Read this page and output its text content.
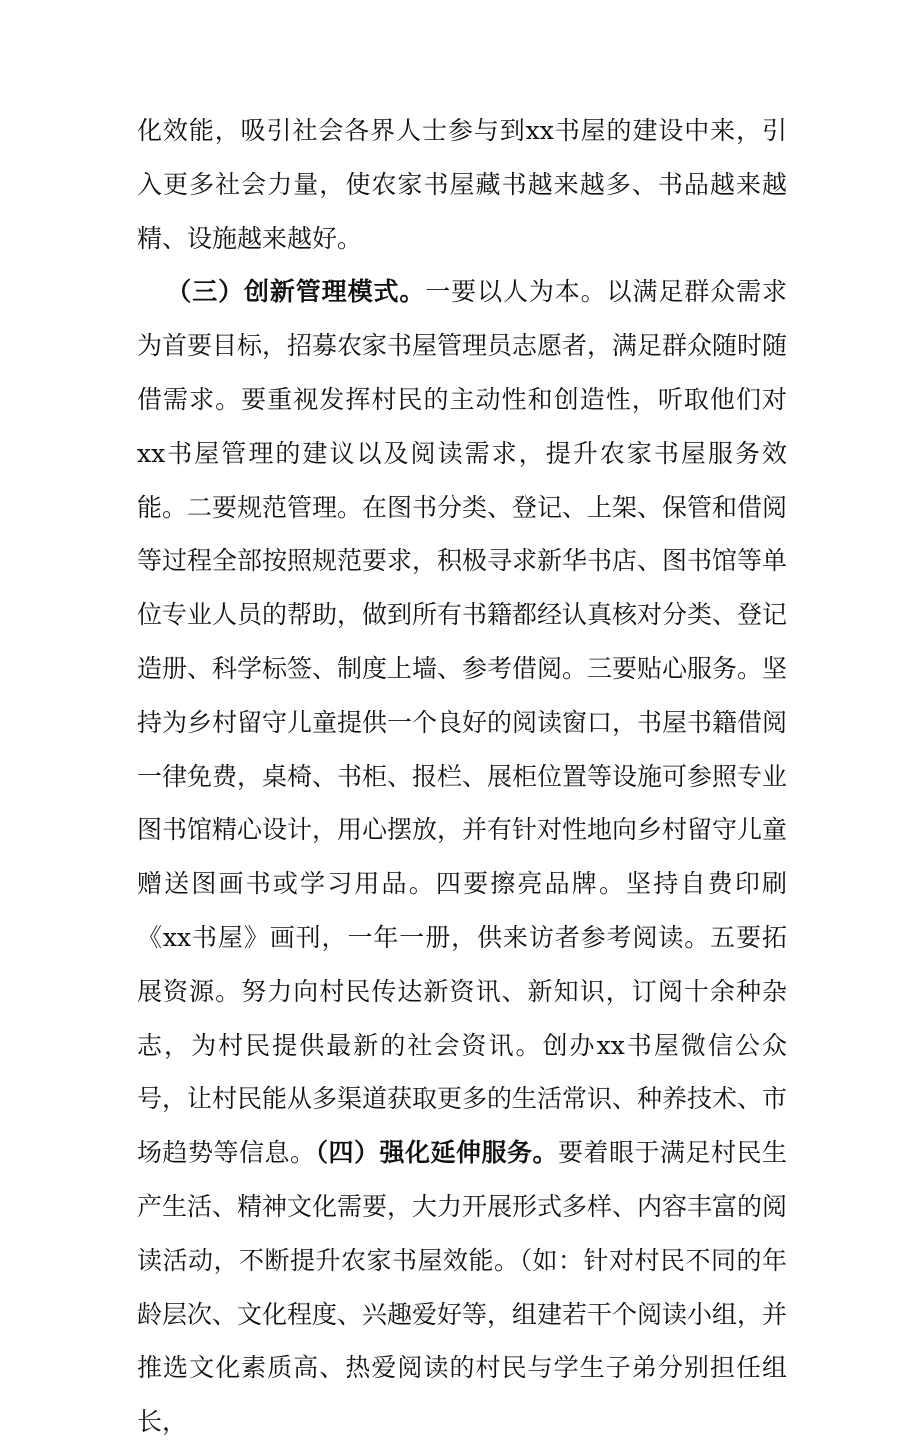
化效能，吸引社会各界人士参与到xx书屋的建设中来，引入更多社会力量，使农家书屋藏书越来越多、书品越来越精、设施越来越好。

　 （三）创新管理模式。一要以人为本。以满足群众需求为首要目标，招募农家书屋管理员志愿者，满足群众随时随借需求。要重视发挥村民的主动性和创造性，听取他们对xx书屋管理的建议以及阅读需求，提升农家书屋服务效能。二要规范管理。在图书分类、登记、上架、保管和借阅等过程全部按照规范要求，积极寻求新华书店、图书馆等单位专业人员的帮助，做到所有书籍都经认真核对分类、登记造册、科学标签、制度上墙、参考借阅。三要贴心服务。坚持为乡村留守儿童提供一个良好的阅读窗口，书屋书籍借阅一律免费，桌椅、书柜、报栏、展柜位置等设施可参照专业图书馆精心设计，用心摆放，并有针对性地向乡村留守儿童赠送图画书或学习用品。四要擦亮品牌。坚持自费印刷《xx书屋》画刊，一年一册，供来访者参考阅读。五要拓展资源。努力向村民传达新资讯、新知识，订阅十余种杂志，为村民提供最新的社会资讯。创办xx书屋微信公众号，让村民能从多渠道获取更多的生活常识、种养技术、市场趋势等信息。（四）强化延伸服务。要着眼于满足村民生产生活、精神文化需要，大力开展形式多样、内容丰富的阅读活动，不断提升农家书屋效能。（如：针对村民不同的年龄层次、文化程度、兴趣爱好等，组建若干个阅读小组，并推选文化素质高、热爱阅读的村民与学生子弟分别担任组长，
